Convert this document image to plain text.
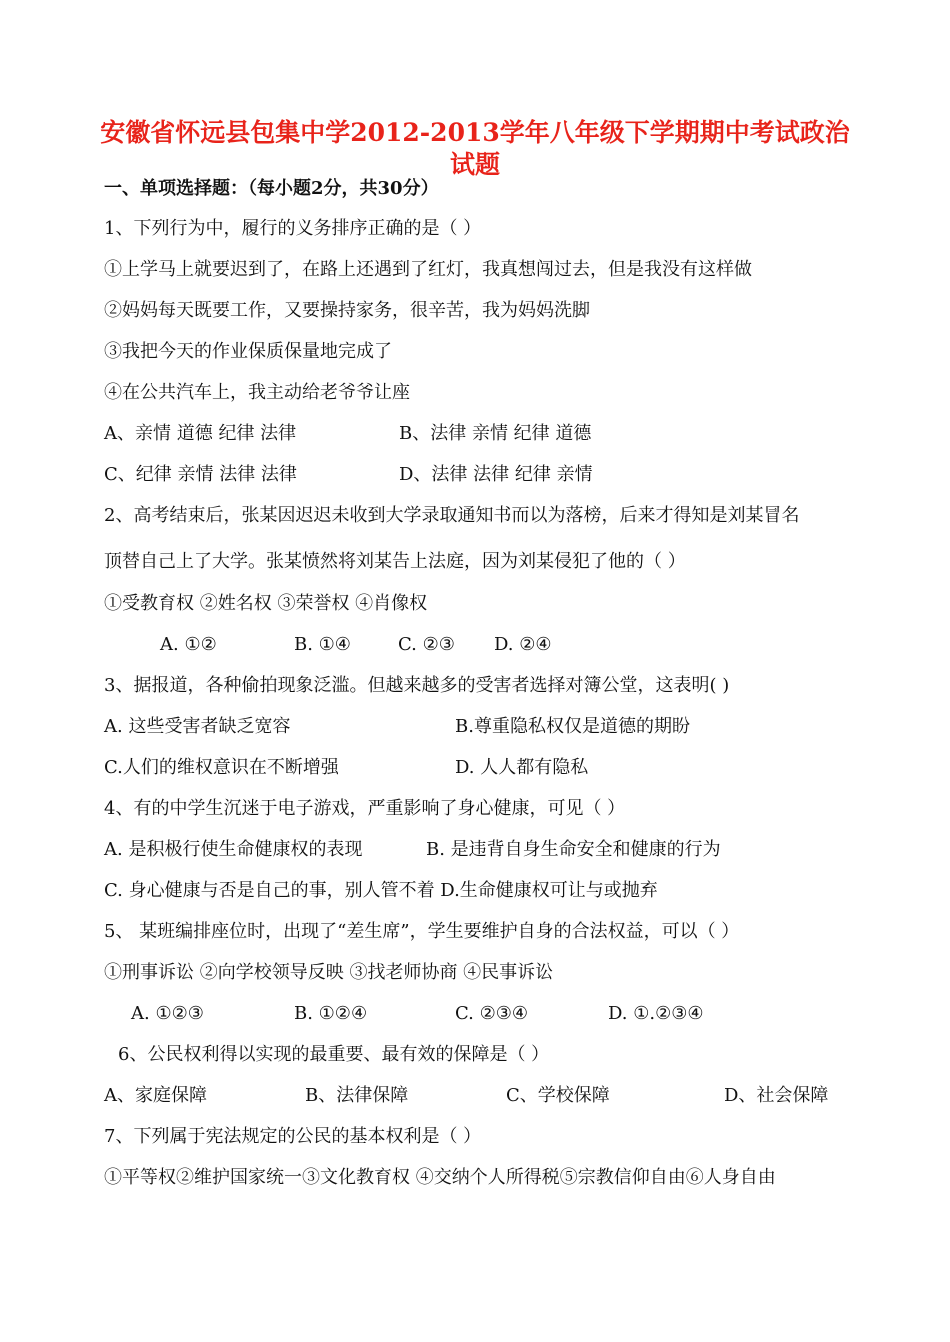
安徽省怀远县包集中学2012-2013学年八年级下学期期中考试政治
试题
一、单项选择题：（每小题2分，共30分）
1、下列行为中，履行的义务排序正确的是（ ）
①上学马上就要迟到了，在路上还遇到了红灯，我真想闯过去，但是我没有这样做
②妈妈每天既要工作，又要操持家务，很辛苦，我为妈妈洗脚
③我把今天的作业保质保量地完成了
④在公共汽车上，我主动给老爷爷让座
A、亲情 道德 纪律 法律	B、法律 亲情 纪律 道德
C、纪律 亲情 法律 法律	D、法律 法律 纪律 亲情
2、高考结束后，张某因迟迟未收到大学录取通知书而以为落榜，后来才得知是刘某冒名
顶替自己上了大学。张某愤然将刘某告上法庭，因为刘某侵犯了他的（ ）
①受教育权 ②姓名权 ③荣誉权 ④肖像权
A. ①②	B. ①④	C. ②③ D. ②④
3、据报道，各种偷拍现象泛滥。但越来越多的受害者选择对簿公堂，这表明( )
A. 这些受害者缺乏宽容	B.尊重隐私权仅是道德的期盼
C.人们的维权意识在不断增强	D. 人人都有隐私
4、有的中学生沉迷于电子游戏，严重影响了身心健康，可见（ ）
A. 是积极行使生命健康权的表现	B. 是违背自身生命安全和健康的行为
C. 身心健康与否是自己的事，别人管不着 D.生命健康权可让与或抛弃
5、 某班编排座位时，出现了“差生席”，学生要维护自身的合法权益，可以（ ）
①刑事诉讼 ②向学校领导反映 ③找老师协商 ④民事诉讼
A. ①②③	B. ①②④	C. ②③④	D. ①.②③④
6、公民权利得以实现的最重要、最有效的保障是（ ）
A、家庭保障	B、法律保障	C、学校保障	D、社会保障
7、下列属于宪法规定的公民的基本权利是（ ）
①平等权②维护国家统一③文化教育权 ④交纳个人所得税⑤宗教信仰自由⑥人身自由
